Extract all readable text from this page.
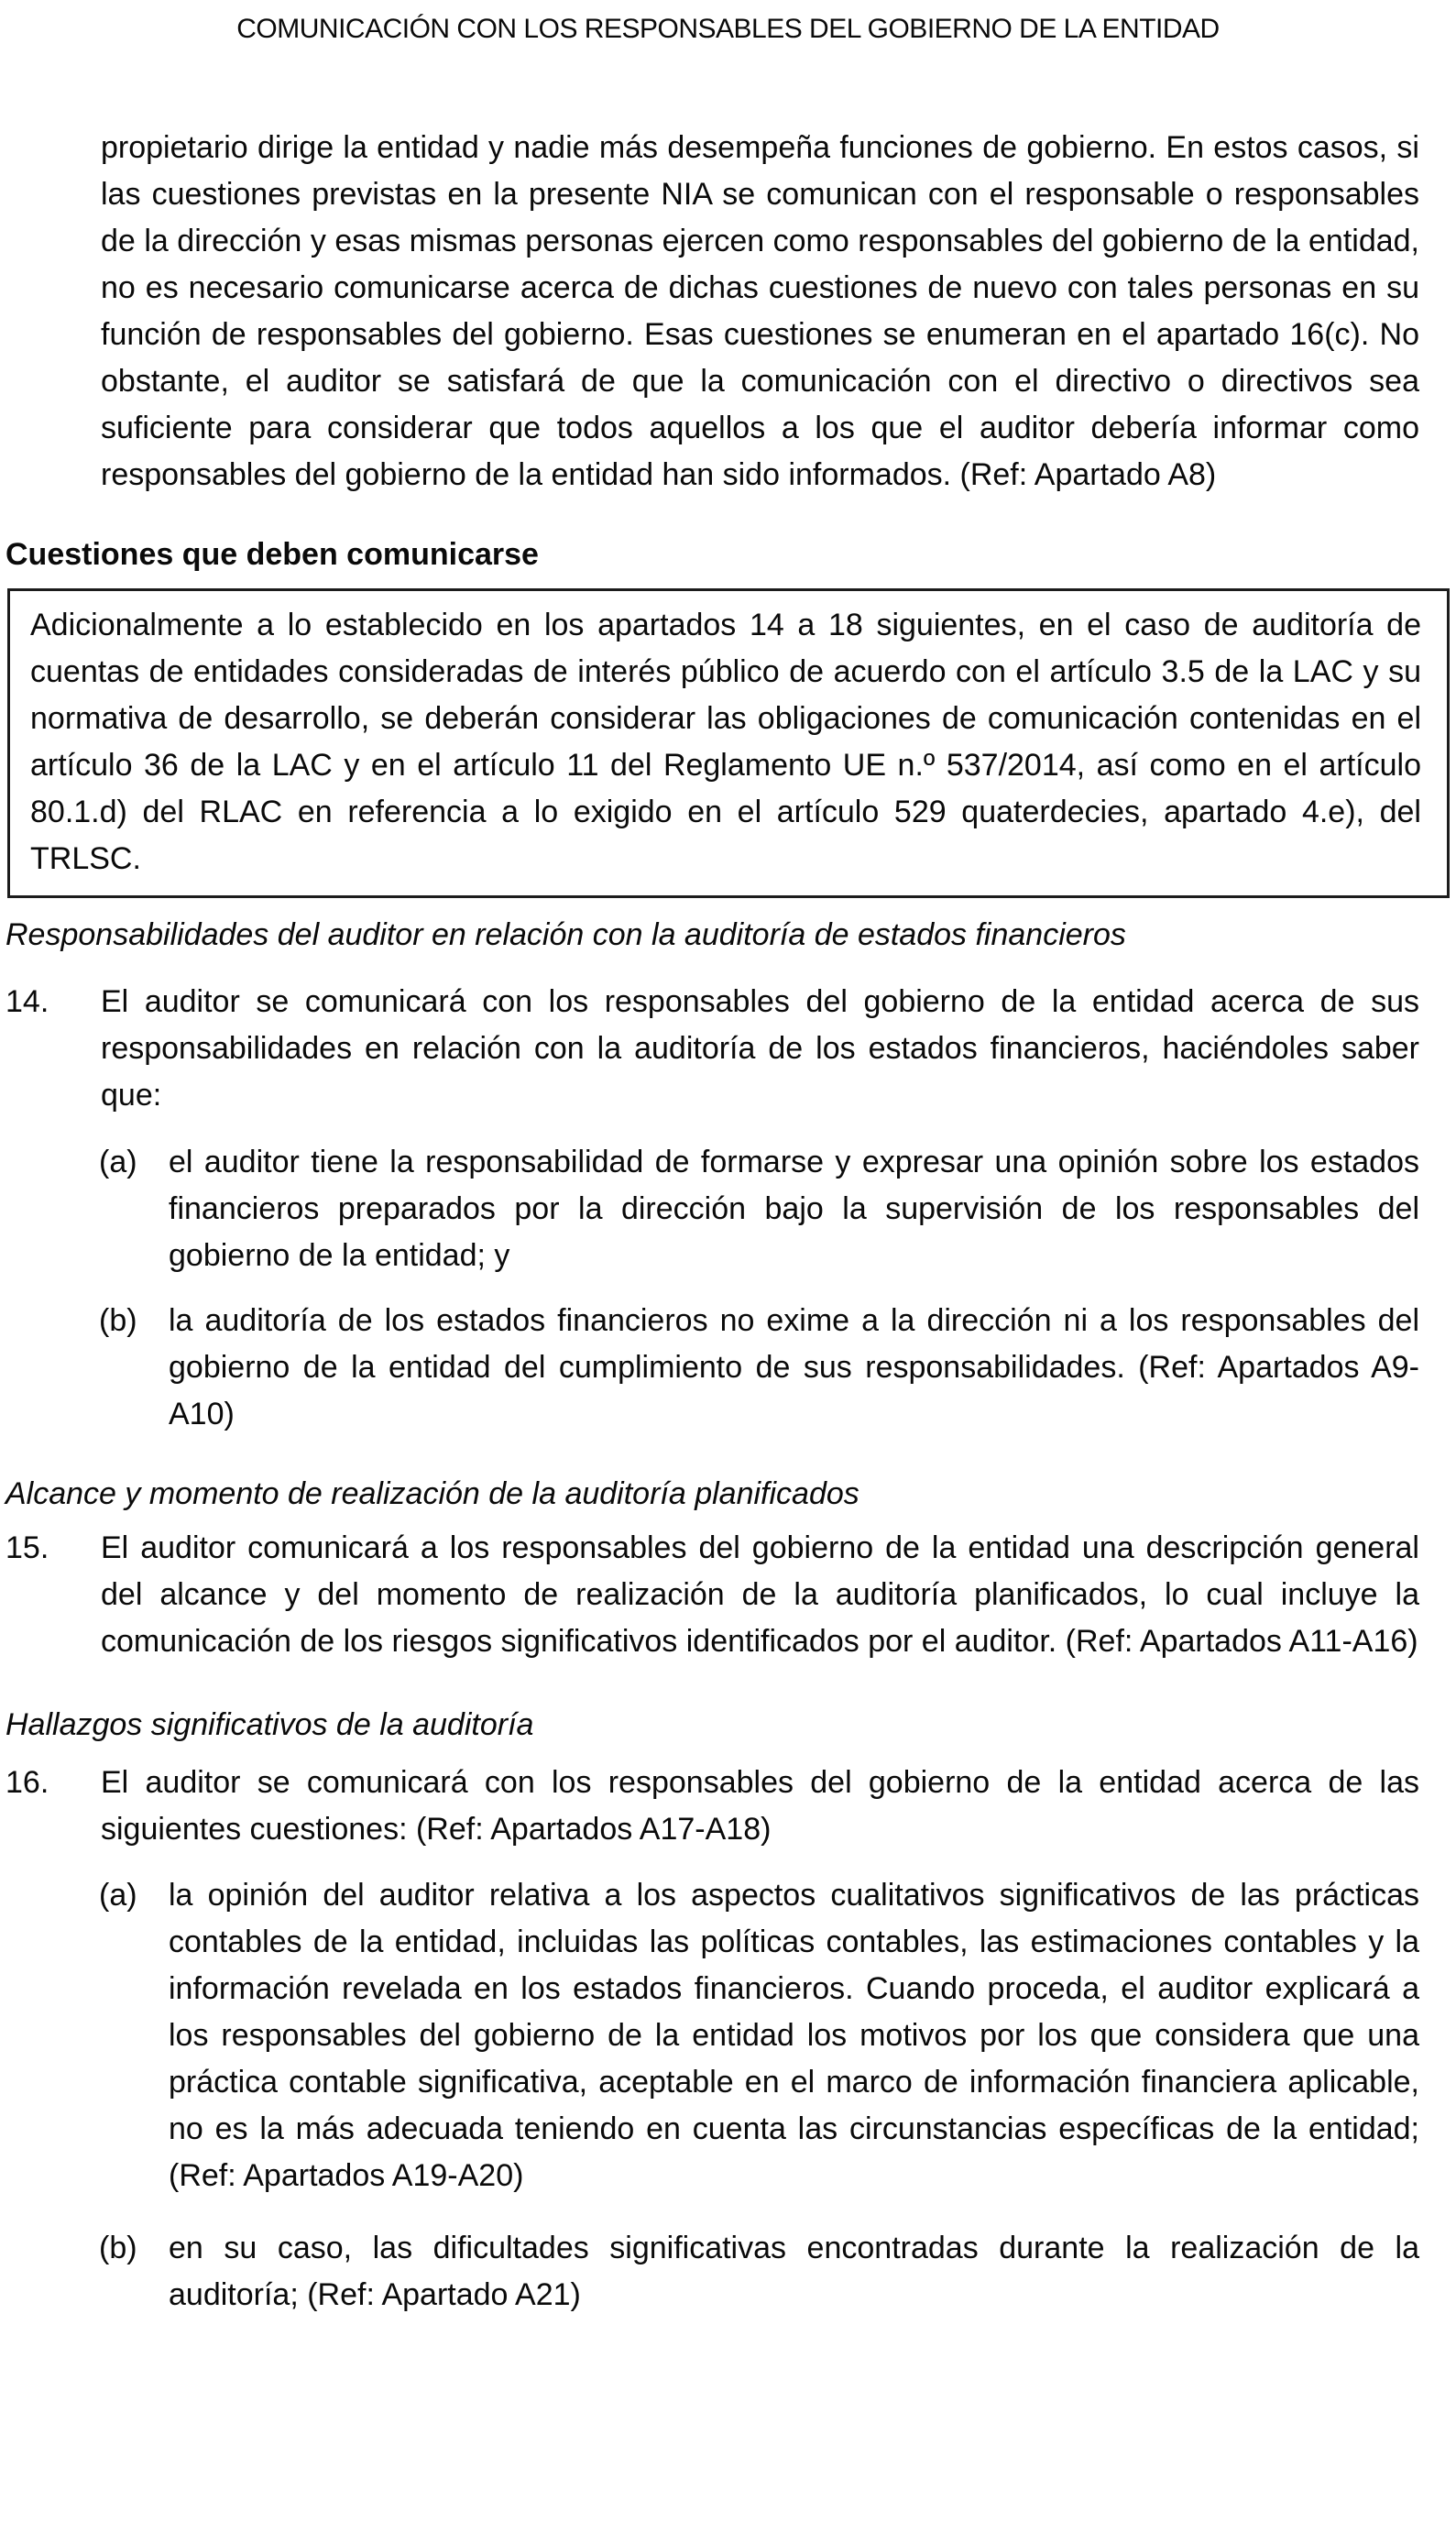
COMUNICACIÓN CON LOS RESPONSABLES DEL GOBIERNO DE LA ENTIDAD
propietario dirige la entidad y nadie más desempeña funciones de gobierno. En estos casos, si las cuestiones previstas en la presente NIA se comunican con el responsable o responsables de la dirección y esas mismas personas ejercen como responsables del gobierno de la entidad, no es necesario comunicarse acerca de dichas cuestiones de nuevo con tales personas en su función de responsables del gobierno. Esas cuestiones se enumeran en el apartado 16(c). No obstante, el auditor se satisfará de que la comunicación con el directivo o directivos sea suficiente para considerar que todos aquellos a los que el auditor debería informar como responsables del gobierno de la entidad han sido informados. (Ref: Apartado A8)
Cuestiones que deben comunicarse
Adicionalmente a lo establecido en los apartados 14 a 18 siguientes, en el caso de auditoría de cuentas de entidades consideradas de interés público de acuerdo con el artículo 3.5 de la LAC y su normativa de desarrollo, se deberán considerar las obligaciones de comunicación contenidas en el artículo 36 de la LAC y en el artículo 11 del Reglamento UE n.º 537/2014, así como en el artículo 80.1.d) del RLAC en referencia a lo exigido en el artículo 529 quaterdecies, apartado 4.e), del TRLSC.
Responsabilidades del auditor en relación con la auditoría de estados financieros
14. El auditor se comunicará con los responsables del gobierno de la entidad acerca de sus responsabilidades en relación con la auditoría de los estados financieros, haciéndoles saber que:
(a) el auditor tiene la responsabilidad de formarse y expresar una opinión sobre los estados financieros preparados por la dirección bajo la supervisión de los responsables del gobierno de la entidad; y
(b) la auditoría de los estados financieros no exime a la dirección ni a los responsables del gobierno de la entidad del cumplimiento de sus responsabilidades. (Ref: Apartados A9-A10)
Alcance y momento de realización de la auditoría planificados
15. El auditor comunicará a los responsables del gobierno de la entidad una descripción general del alcance y del momento de realización de la auditoría planificados, lo cual incluye la comunicación de los riesgos significativos identificados por el auditor. (Ref: Apartados A11-A16)
Hallazgos significativos de la auditoría
16. El auditor se comunicará con los responsables del gobierno de la entidad acerca de las siguientes cuestiones: (Ref: Apartados A17-A18)
(a) la opinión del auditor relativa a los aspectos cualitativos significativos de las prácticas contables de la entidad, incluidas las políticas contables, las estimaciones contables y la información revelada en los estados financieros. Cuando proceda, el auditor explicará a los responsables del gobierno de la entidad los motivos por los que considera que una práctica contable significativa, aceptable en el marco de información financiera aplicable, no es la más adecuada teniendo en cuenta las circunstancias específicas de la entidad; (Ref: Apartados A19-A20)
(b) en su caso, las dificultades significativas encontradas durante la realización de la auditoría; (Ref: Apartado A21)
